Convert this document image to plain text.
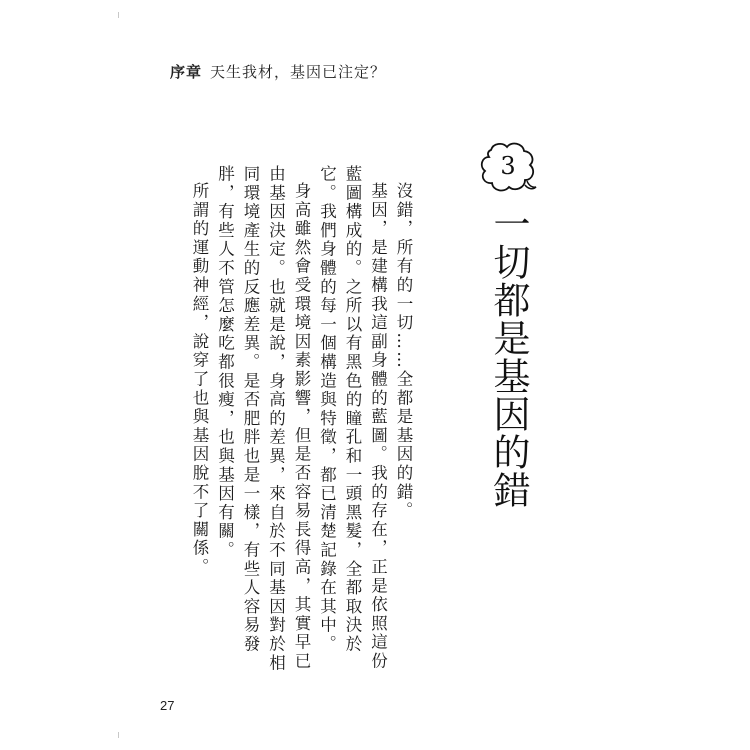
序章 天生我材，基因已注定？
3
一切都是基因的錯

沒錯，所有的一切……全都是基因的錯。

基因，是建構我這副身體的藍圖。我的存在，正是依照這份藍圖構成的。之所以有黑色的瞳孔和一頭黑髮，全都取決於它。我們身體的每一個構造與特徵，都已清楚記錄在其中。

身高雖然會受環境因素影響，但是否容易長得高，其實早已由基因決定。也就是說，身高的差異，來自於不同基因對於相同環境產生的反應差異。是否肥胖也是一樣，有些人容易發胖，有些人不管怎麼吃都很瘦，也與基因有關。

所謂的運動神經，說穿了也與基因脫不了關係。

27
